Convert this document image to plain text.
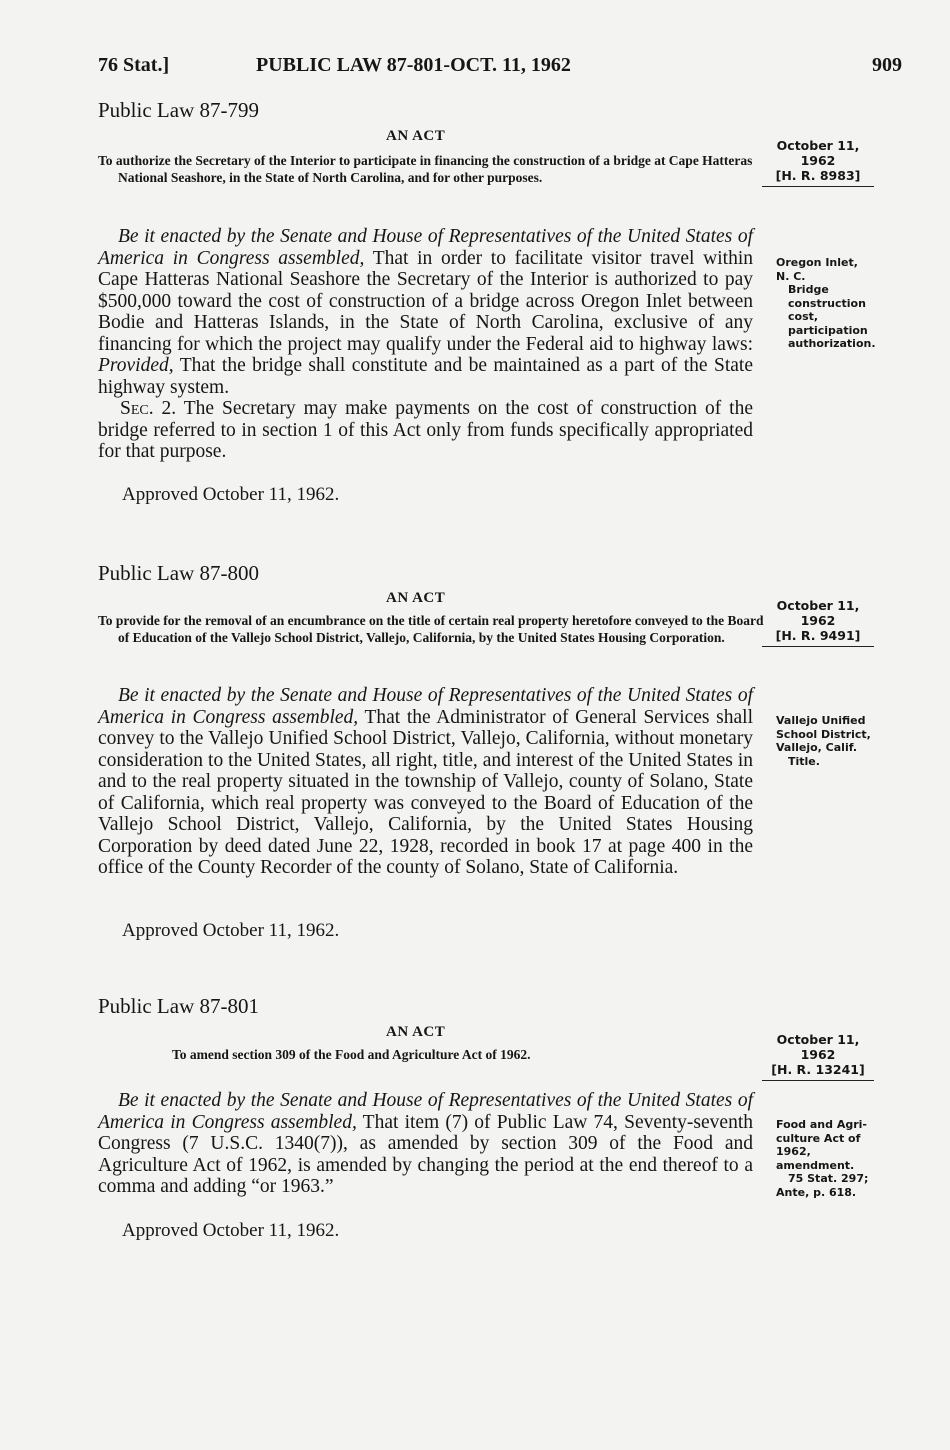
76 Stat.]	PUBLIC LAW 87-801-OCT. 11, 1962	909
Public Law 87-799
AN ACT
To authorize the Secretary of the Interior to participate in financing the construction of a bridge at Cape Hatteras National Seashore, in the State of North Carolina, and for other purposes.
October 11, 1962
[H. R. 8983]

Be it enacted by the Senate and House of Representatives of the United States of America in Congress assembled, That in order to facilitate visitor travel within Cape Hatteras National Seashore the Secretary of the Interior is authorized to pay $500,000 toward the cost of construction of a bridge across Oregon Inlet between Bodie and Hatteras Islands, in the State of North Carolina, exclusive of any financing for which the project may qualify under the Federal aid to highway laws: Provided, That the bridge shall constitute and be maintained as a part of the State highway system.

Sec. 2. The Secretary may make payments on the cost of construction of the bridge referred to in section 1 of this Act only from funds specifically appropriated for that purpose.

Oregon Inlet,
N. C.
Bridge construction cost, participation authorization.
Approved October 11, 1962.
Public Law 87-800
AN ACT
To provide for the removal of an encumbrance on the title of certain real property heretofore conveyed to the Board of Education of the Vallejo School District, Vallejo, California, by the United States Housing Corporation.
October 11, 1962
[H. R. 9491]

Be it enacted by the Senate and House of Representatives of the United States of America in Congress assembled, That the Administrator of General Services shall convey to the Vallejo Unified School District, Vallejo, California, without monetary consideration to the United States, all right, title, and interest of the United States in and to the real property situated in the township of Vallejo, county of Solano, State of California, which real property was conveyed to the Board of Education of the Vallejo School District, Vallejo, California, by the United States Housing Corporation by deed dated June 22, 1928, recorded in book 17 at page 400 in the office of the County Recorder of the county of Solano, State of California.

Vallejo Unified
School District,
Vallejo, Calif.
Title.
Approved October 11, 1962.
Public Law 87-801
AN ACT
To amend section 309 of the Food and Agriculture Act of 1962.
October 11, 1962
[H. R. 13241]

Be it enacted by the Senate and House of Representatives of the United States of America in Congress assembled, That item (7) of Public Law 74, Seventy-seventh Congress (7 U.S.C. 1340(7)), as amended by section 309 of the Food and Agriculture Act of 1962, is amended by changing the period at the end thereof to a comma and adding “or 1963.”

Food and Agri-
culture Act of
1962, amendment.
75 Stat. 297;
Ante, p. 618.
Approved October 11, 1962.
